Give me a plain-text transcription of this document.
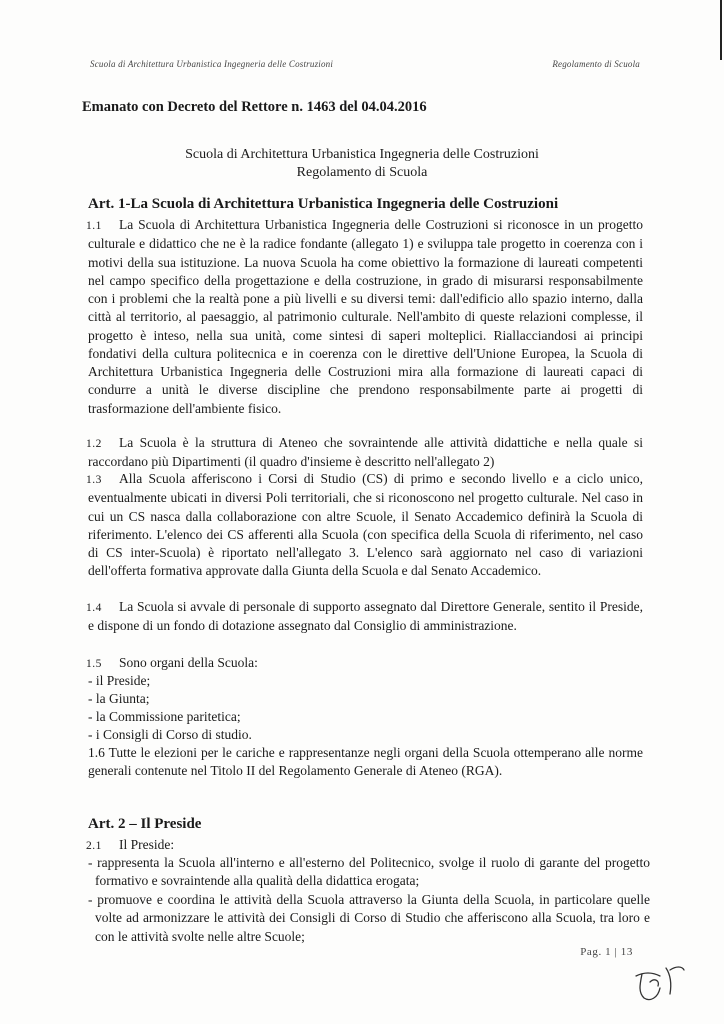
Scuola di Architettura Urbanistica Ingegneria delle Costruzioni	Regolamento di Scuola
Emanato con Decreto del Rettore n. 1463 del 04.04.2016
Scuola di Architettura Urbanistica Ingegneria delle Costruzioni
Regolamento di Scuola
Art. 1-La Scuola di Architettura Urbanistica Ingegneria delle Costruzioni

1.1 La Scuola di Architettura Urbanistica Ingegneria delle Costruzioni si riconosce in un progetto culturale e didattico che ne è la radice fondante (allegato 1) e sviluppa tale progetto in coerenza con i motivi della sua istituzione. La nuova Scuola ha come obiettivo la formazione di laureati competenti nel campo specifico della progettazione e della costruzione, in grado di misurarsi responsabilmente con i problemi che la realtà pone a più livelli e su diversi temi: dall'edificio allo spazio interno, dalla città al territorio, al paesaggio, al patrimonio culturale. Nell'ambito di queste relazioni complesse, il progetto è inteso, nella sua unità, come sintesi di saperi molteplici. Riallacciandosi ai principi fondativi della cultura politecnica e in coerenza con le direttive dell'Unione Europea, la Scuola di Architettura Urbanistica Ingegneria delle Costruzioni mira alla formazione di laureati capaci di condurre a unità le diverse discipline che prendono responsabilmente parte ai progetti di trasformazione dell'ambiente fisico.

1.2 La Scuola è la struttura di Ateneo che sovraintende alle attività didattiche e nella quale si raccordano più Dipartimenti (il quadro d'insieme è descritto nell'allegato 2)

1.3 Alla Scuola afferiscono i Corsi di Studio (CS) di primo e secondo livello e a ciclo unico, eventualmente ubicati in diversi Poli territoriali, che si riconoscono nel progetto culturale. Nel caso in cui un CS nasca dalla collaborazione con altre Scuole, il Senato Accademico definirà la Scuola di riferimento. L'elenco dei CS afferenti alla Scuola (con specifica della Scuola di riferimento, nel caso di CS inter-Scuola) è riportato nell'allegato 3. L'elenco sarà aggiornato nel caso di variazioni dell'offerta formativa approvate dalla Giunta della Scuola e dal Senato Accademico.

1.4 La Scuola si avvale di personale di supporto assegnato dal Direttore Generale, sentito il Preside, e dispone di un fondo di dotazione assegnato dal Consiglio di amministrazione.

1.5 Sono organi della Scuola:

- il Preside;
- la Giunta;
- la Commissione paritetica;
- i Consigli di Corso di studio.

1.6 Tutte le elezioni per le cariche e rappresentanze negli organi della Scuola ottemperano alle norme generali contenute nel Titolo II del Regolamento Generale di Ateneo (RGA).

Art. 2 – Il Preside

2.1 Il Preside:

- rappresenta la Scuola all'interno e all'esterno del Politecnico, svolge il ruolo di garante del progetto formativo e sovraintende alla qualità della didattica erogata;

- promuove e coordina le attività della Scuola attraverso la Giunta della Scuola, in particolare quelle volte ad armonizzare le attività dei Consigli di Corso di Studio che afferiscono alla Scuola, tra loro e con le attività svolte nelle altre Scuole;

Pag. 1 | 13
